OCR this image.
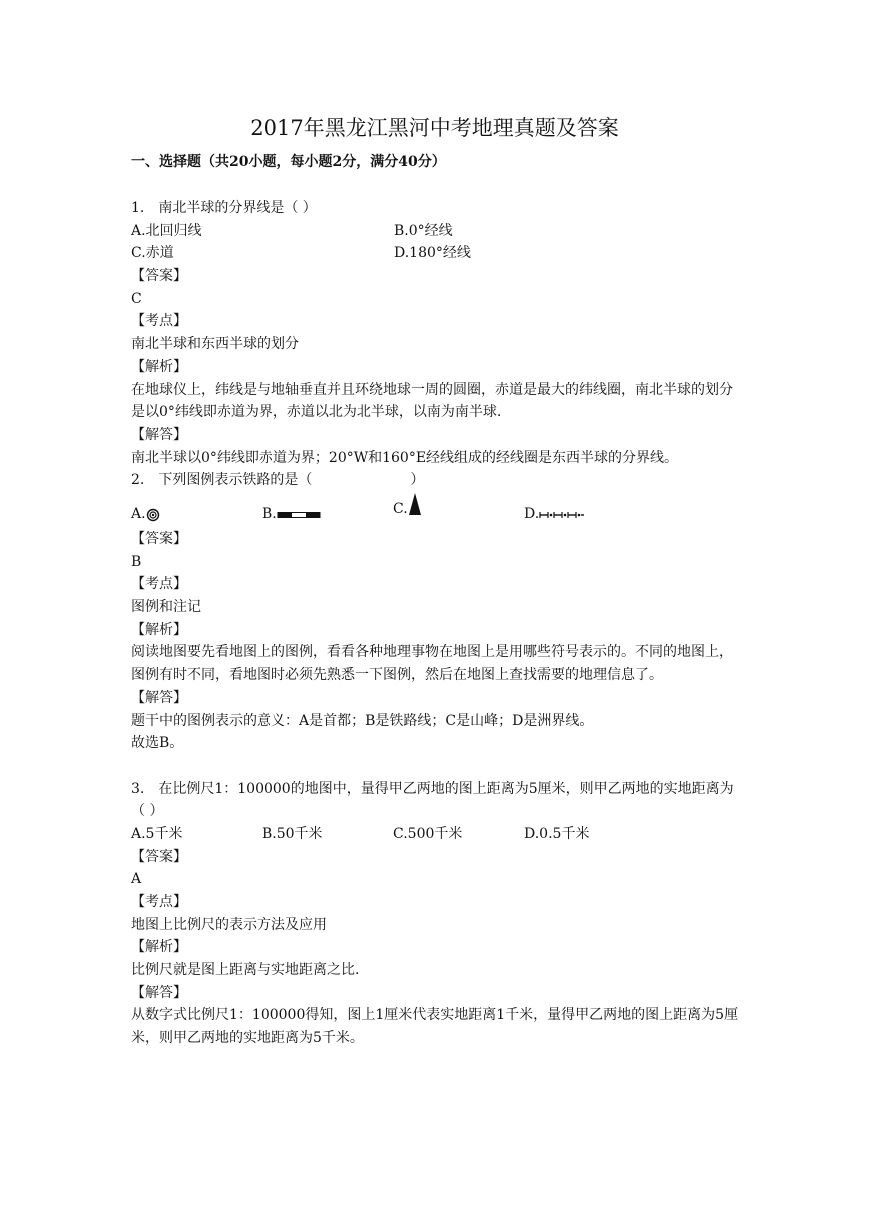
2017年黑龙江黑河中考地理真题及答案
一、选择题（共20小题，每小题2分，满分40分）
1.　南北半球的分界线是（ ）
A.北回归线	B.0°经线
C.赤道	D.180°经线
【答案】
C
【考点】
南北半球和东西半球的划分
【解析】
在地球仪上，纬线是与地轴垂直并且环绕地球一周的圆圈，赤道是最大的纬线圈，南北半球的划分是以0°纬线即赤道为界，赤道以北为北半球，以南为南半球.
【解答】
南北半球以0°纬线即赤道为界；20°W和160°E经线组成的经线圈是东西半球的分界线。
2.　下列图例表示铁路的是（　　　　　　　）
A.	B.	C.	D.
【答案】
B
【考点】
图例和注记
【解析】
阅读地图要先看地图上的图例，看看各种地理事物在地图上是用哪些符号表示的。不同的地图上，图例有时不同，看地图时必须先熟悉一下图例，然后在地图上查找需要的地理信息了。
【解答】
题干中的图例表示的意义：A是首都；B是铁路线；C是山峰；D是洲界线。
故选B。
3.　在比例尺1：100000的地图中，量得甲乙两地的图上距离为5厘米，则甲乙两地的实地距离为（ ）
A.5千米	B.50千米	C.500千米	D.0.5千米
【答案】
A
【考点】
地图上比例尺的表示方法及应用
【解析】
比例尺就是图上距离与实地距离之比.
【解答】
从数字式比例尺1：100000得知，图上1厘米代表实地距离1千米，量得甲乙两地的图上距离为5厘米，则甲乙两地的实地距离为5千米。
